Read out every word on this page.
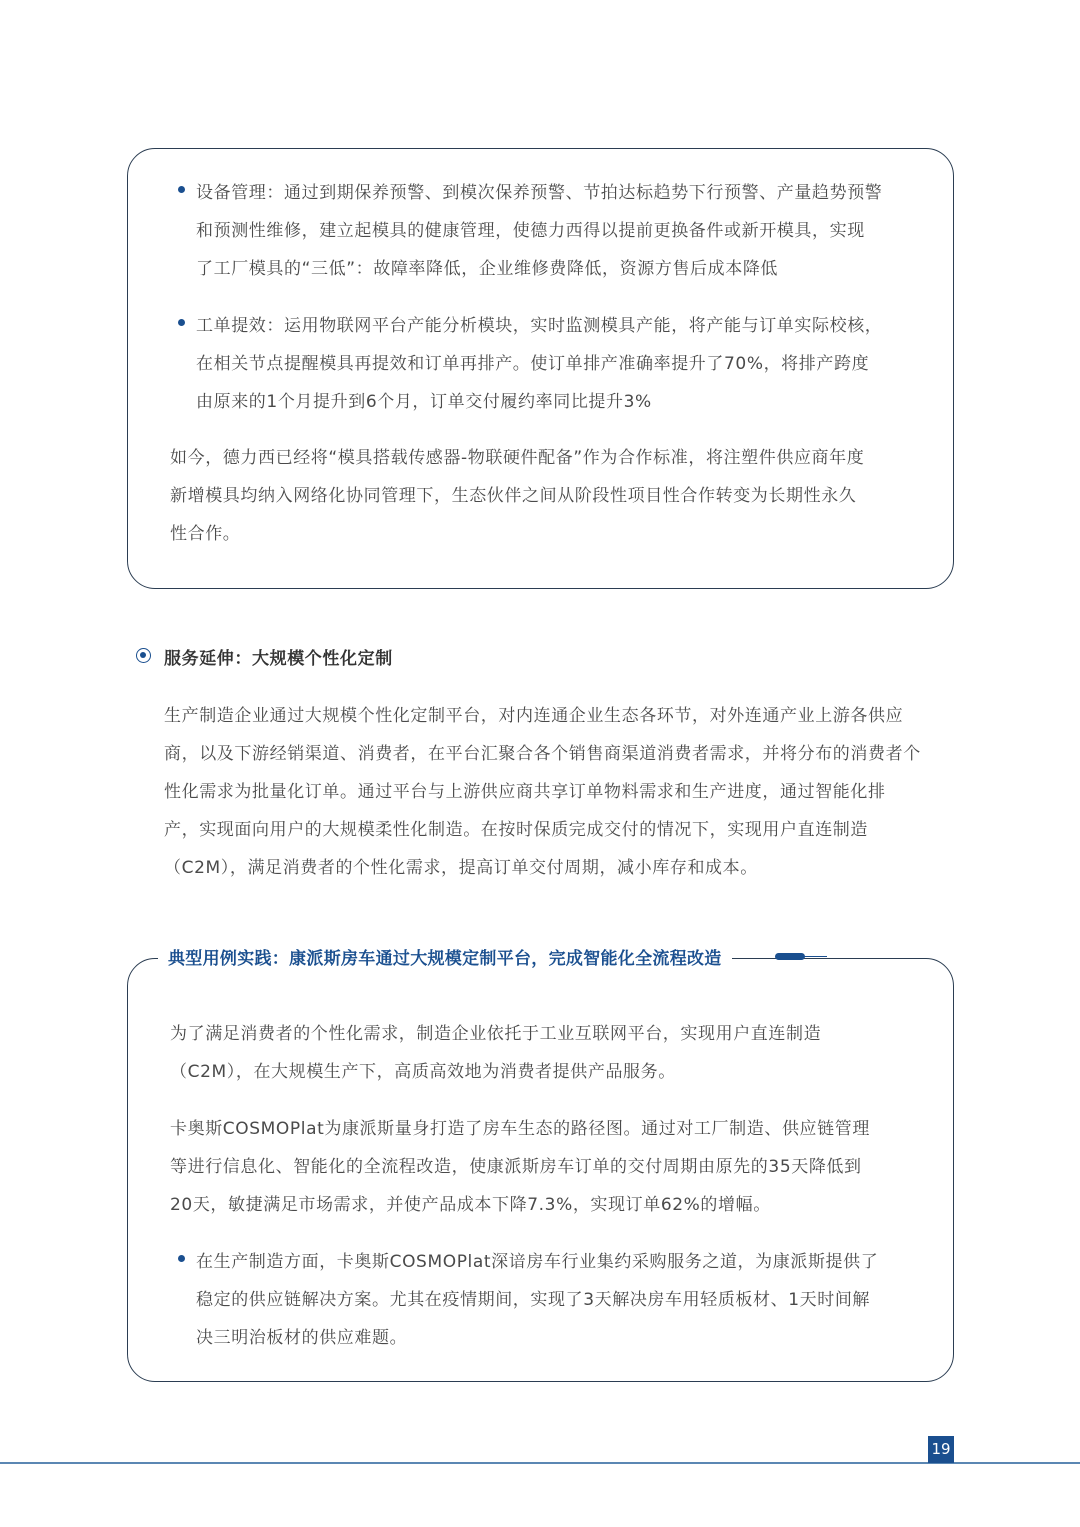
设备管理：通过到期保养预警、到模次保养预警、节拍达标趋势下行预警、产量趋势预警
和预测性维修，建立起模具的健康管理，使德力西得以提前更换备件或新开模具，实现
了工厂模具的“三低”：故障率降低，企业维修费降低，资源方售后成本降低
工单提效：运用物联网平台产能分析模块，实时监测模具产能，将产能与订单实际校核，
在相关节点提醒模具再提效和订单再排产。使订单排产准确率提升了70%，将排产跨度
由原来的1个月提升到6个月，订单交付履约率同比提升3%
如今，德力西已经将“模具搭载传感器-物联硬件配备”作为合作标准，将注塑件供应商年度
新增模具均纳入网络化协同管理下，生态伙伴之间从阶段性项目性合作转变为长期性永久
性合作。
服务延伸：大规模个性化定制
生产制造企业通过大规模个性化定制平台，对内连通企业生态各环节，对外连通产业上游各供应
商，以及下游经销渠道、消费者，在平台汇聚合各个销售商渠道消费者需求，并将分布的消费者个
性化需求为批量化订单。通过平台与上游供应商共享订单物料需求和生产进度，通过智能化排
产，实现面向用户的大规模柔性化制造。在按时保质完成交付的情况下，实现用户直连制造
（C2M），满足消费者的个性化需求，提高订单交付周期，减小库存和成本。
典型用例实践：康派斯房车通过大规模定制平台，完成智能化全流程改造
为了满足消费者的个性化需求，制造企业依托于工业互联网平台，实现用户直连制造
（C2M），在大规模生产下，高质高效地为消费者提供产品服务。
卡奥斯COSMOPlat为康派斯量身打造了房车生态的路径图。通过对工厂制造、供应链管理
等进行信息化、智能化的全流程改造，使康派斯房车订单的交付周期由原先的35天降低到
20天，敏捷满足市场需求，并使产品成本下降7.3%，实现订单62%的增幅。
在生产制造方面，卡奥斯COSMOPlat深谙房车行业集约采购服务之道，为康派斯提供了
稳定的供应链解决方案。尤其在疫情期间，实现了3天解决房车用轻质板材、1天时间解
决三明治板材的供应难题。
19
